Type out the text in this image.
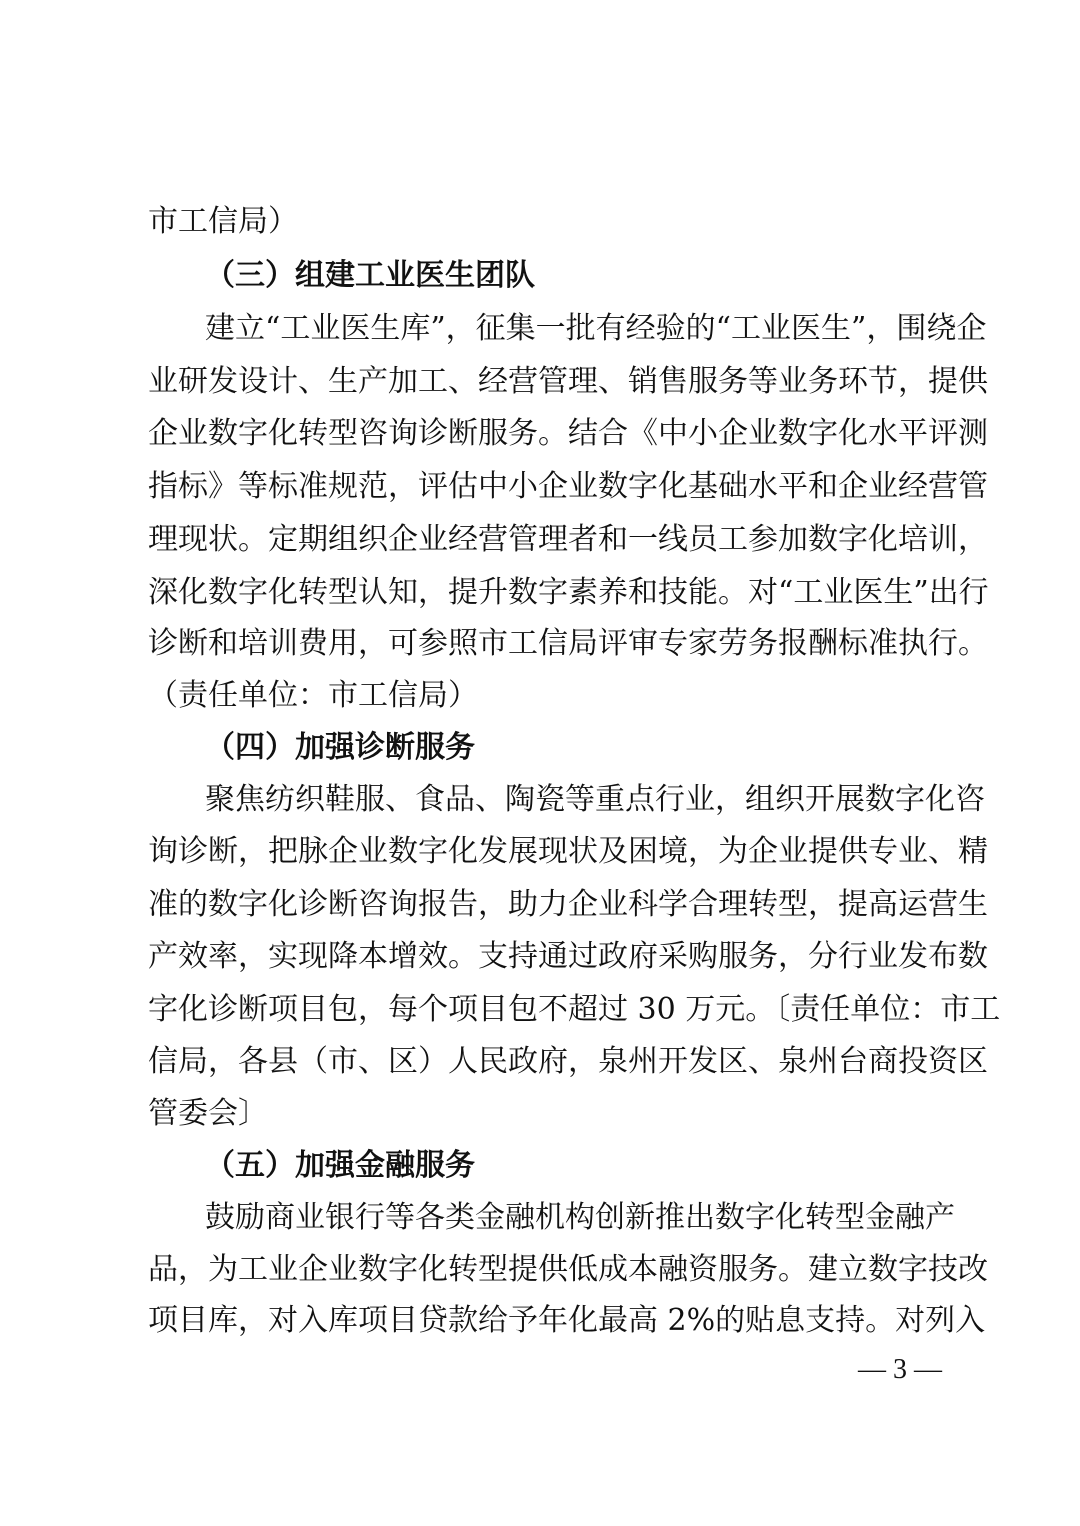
市工信局）
（三）组建工业医生团队
建立“工业医生库”，征集一批有经验的“工业医生”，围绕企
业研发设计、生产加工、经营管理、销售服务等业务环节，提供
企业数字化转型咨询诊断服务。结合《中小企业数字化水平评测
指标》等标准规范，评估中小企业数字化基础水平和企业经营管
理现状。定期组织企业经营管理者和一线员工参加数字化培训，
深化数字化转型认知，提升数字素养和技能。对“工业医生”出行
诊断和培训费用，可参照市工信局评审专家劳务报酬标准执行。
（责任单位：市工信局）
（四）加强诊断服务
聚焦纺织鞋服、食品、陶瓷等重点行业，组织开展数字化咨
询诊断，把脉企业数字化发展现状及困境，为企业提供专业、精
准的数字化诊断咨询报告，助力企业科学合理转型，提高运营生
产效率，实现降本增效。支持通过政府采购服务，分行业发布数
字化诊断项目包，每个项目包不超过 30 万元。〔责任单位：市工
信局，各县（市、区）人民政府，泉州开发区、泉州台商投资区
管委会〕
（五）加强金融服务
鼓励商业银行等各类金融机构创新推出数字化转型金融产
品，为工业企业数字化转型提供低成本融资服务。建立数字技改
项目库，对入库项目贷款给予年化最高 2%的贴息支持。对列入
— 3 —
